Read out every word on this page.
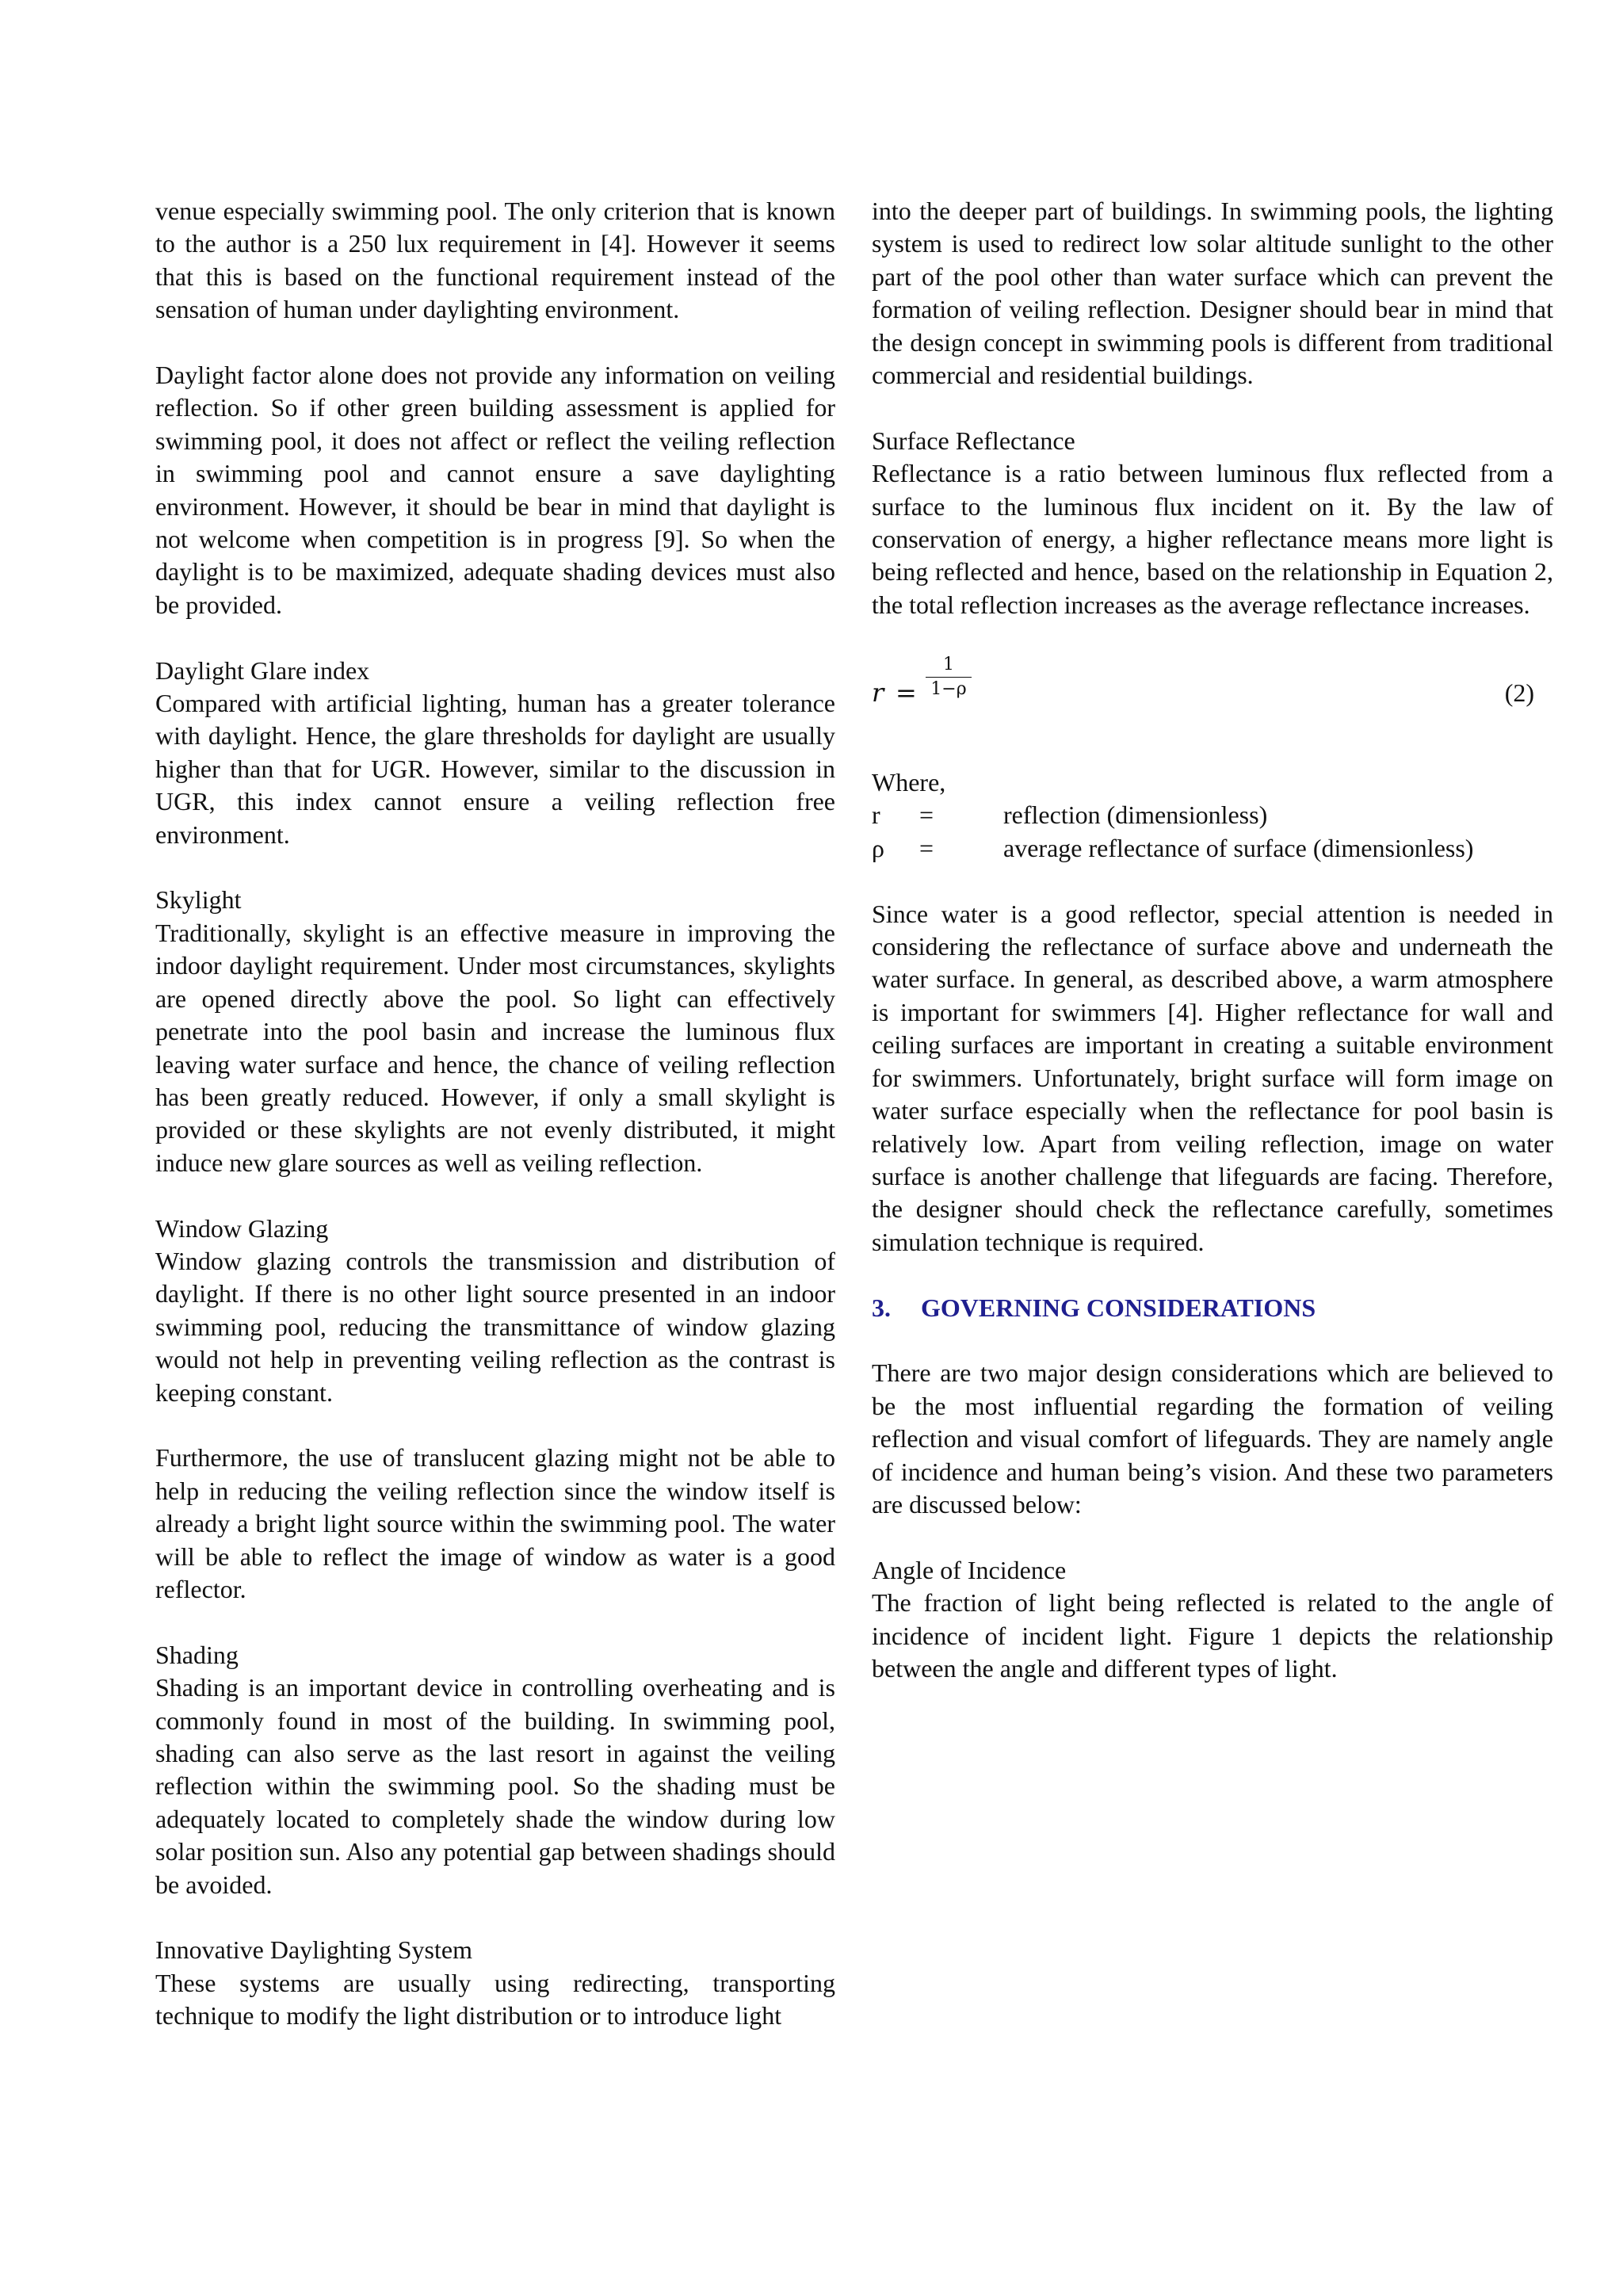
venue especially swimming pool. The only criterion that is known to the author is a 250 lux requirement in [4]. However it seems that this is based on the functional requirement instead of the sensation of human under daylighting environment.

Daylight factor alone does not provide any information on veiling reflection. So if other green building assessment is applied for swimming pool, it does not affect or reflect the veiling reflection in swimming pool and cannot ensure a save daylighting environment. However, it should be bear in mind that daylight is not welcome when competition is in progress [9]. So when the daylight is to be maximized, adequate shading devices must also be provided.

Daylight Glare index
Compared with artificial lighting, human has a greater tolerance with daylight. Hence, the glare thresholds for daylight are usually higher than that for UGR. However, similar to the discussion in UGR, this index cannot ensure a veiling reflection free environment.

Skylight
Traditionally, skylight is an effective measure in improving the indoor daylight requirement. Under most circumstances, skylights are opened directly above the pool. So light can effectively penetrate into the pool basin and increase the luminous flux leaving water surface and hence, the chance of veiling reflection has been greatly reduced. However, if only a small skylight is provided or these skylights are not evenly distributed, it might induce new glare sources as well as veiling reflection.

Window Glazing
Window glazing controls the transmission and distribution of daylight. If there is no other light source presented in an indoor swimming pool, reducing the transmittance of window glazing would not help in preventing veiling reflection as the contrast is keeping constant.

Furthermore, the use of translucent glazing might not be able to help in reducing the veiling reflection since the window itself is already a bright light source within the swimming pool. The water will be able to reflect the image of window as water is a good reflector.

Shading
Shading is an important device in controlling overheating and is commonly found in most of the building. In swimming pool, shading can also serve as the last resort in against the veiling reflection within the swimming pool. So the shading must be adequately located to completely shade the window during low solar position sun. Also any potential gap between shadings should be avoided.

Innovative Daylighting System
These systems are usually using redirecting, transporting technique to modify the light distribution or to introduce light

into the deeper part of buildings. In swimming pools, the lighting system is used to redirect low solar altitude sunlight to the other part of the pool other than water surface which can prevent the formation of veiling reflection. Designer should bear in mind that the design concept in swimming pools is different from traditional commercial and residential buildings.

Surface Reflectance
Reflectance is a ratio between luminous flux reflected from a surface to the luminous flux incident on it. By the law of conservation of energy, a higher reflectance means more light is being reflected and hence, based on the relationship in Equation 2, the total reflection increases as the average reflectance increases.

$r = \frac{1}{1-\rho}$	(2)

Where,
r	=	reflection (dimensionless)
ρ	=	average reflectance of surface (dimensionless)

Since water is a good reflector, special attention is needed in considering the reflectance of surface above and underneath the water surface. In general, as described above, a warm atmosphere is important for swimmers [4]. Higher reflectance for wall and ceiling surfaces are important in creating a suitable environment for swimmers. Unfortunately, bright surface will form image on water surface especially when the reflectance for pool basin is relatively low. Apart from veiling reflection, image on water surface is another challenge that lifeguards are facing. Therefore, the designer should check the reflectance carefully, sometimes simulation technique is required.

3. GOVERNING CONSIDERATIONS

There are two major design considerations which are believed to be the most influential regarding the formation of veiling reflection and visual comfort of lifeguards. They are namely angle of incidence and human being’s vision. And these two parameters are discussed below:

Angle of Incidence
The fraction of light being reflected is related to the angle of incidence of incident light. Figure 1 depicts the relationship between the angle and different types of light.
